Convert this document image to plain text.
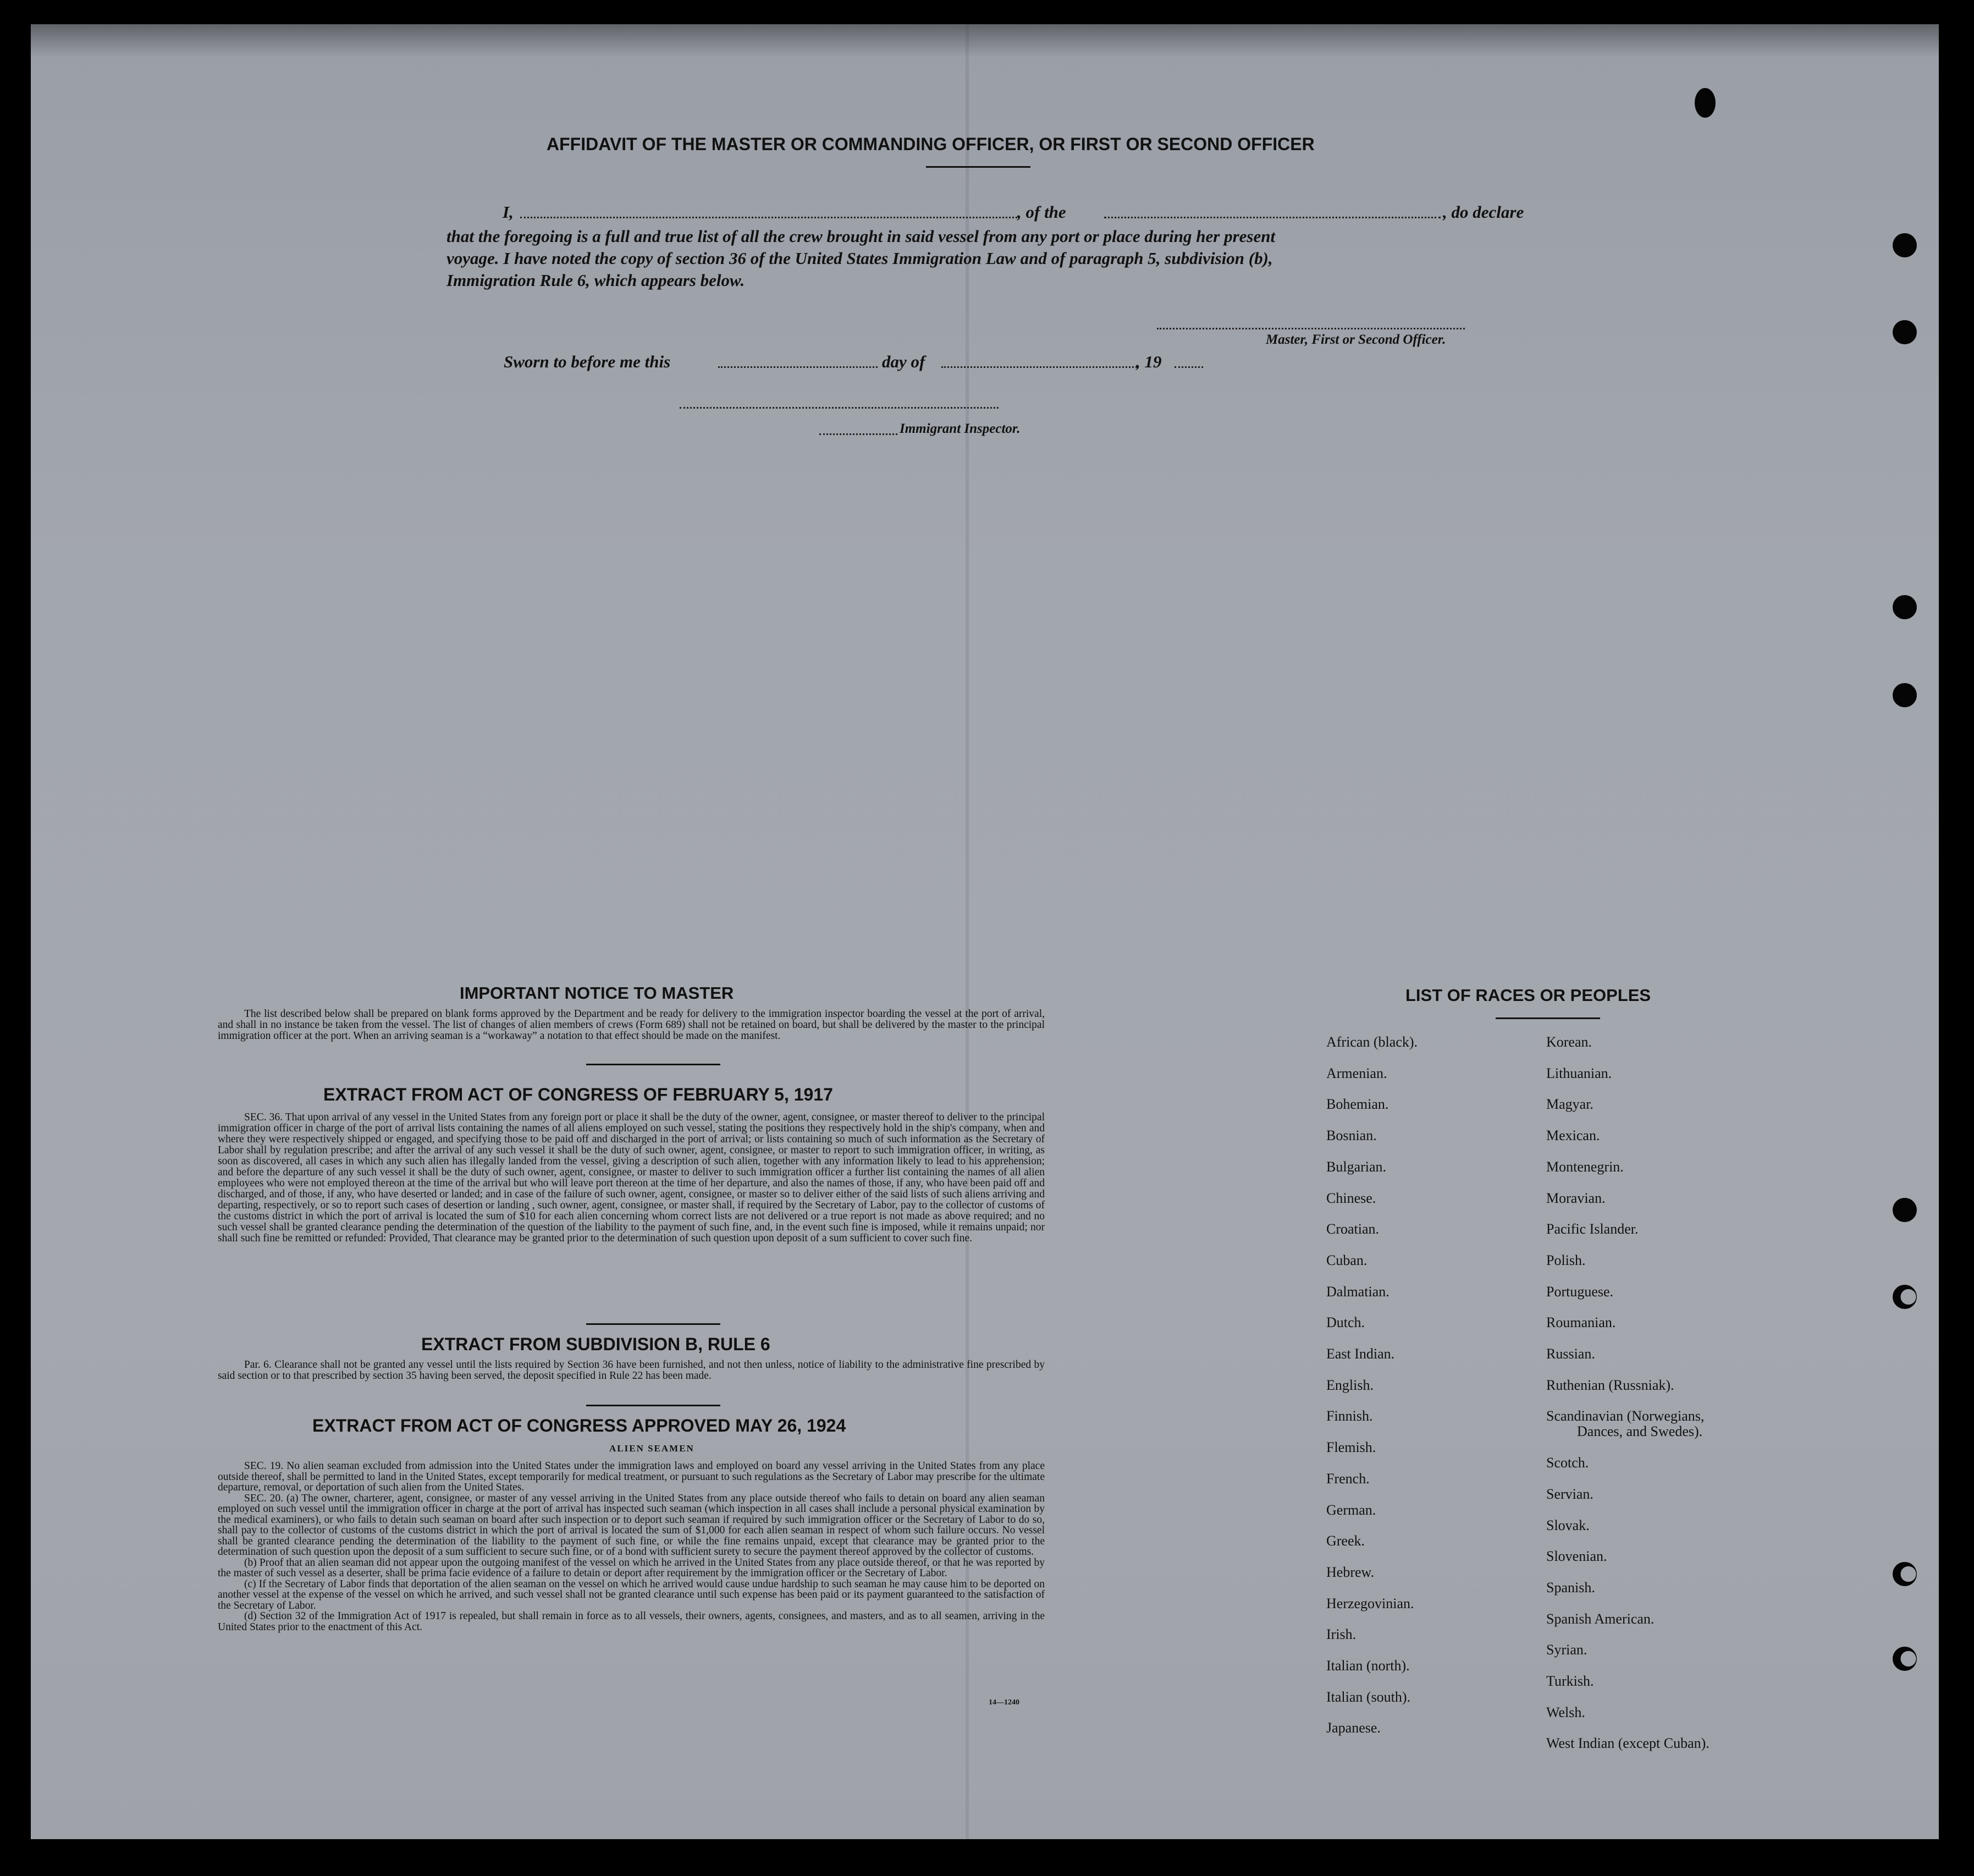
AFFIDAVIT OF THE MASTER OR COMMANDING OFFICER, OR FIRST OR SECOND OFFICER
I,	, of the	, do declare
that the foregoing is a full and true list of all the crew brought in said vessel from any port or place during her present
voyage. I have noted the copy of section 36 of the United States Immigration Law and of paragraph 5, subdivision (b),
Immigration Rule 6, which appears below.
Master, First or Second Officer.
Sworn to before me this	day of	, 19
Immigrant Inspector.
IMPORTANT NOTICE TO MASTER
The list described below shall be prepared on blank forms approved by the Department and be ready for delivery to the immigration inspector boarding the vessel at the port of arrival, and shall in no instance be taken from the vessel. The list of changes of alien members of crews (Form 689) shall not be retained on board, but shall be delivered by the master to the principal immigration officer at the port. When an arriving seaman is a “workaway” a notation to that effect should be made on the manifest.
EXTRACT FROM ACT OF CONGRESS OF FEBRUARY 5, 1917
SEC. 36. That upon arrival of any vessel in the United States from any foreign port or place it shall be the duty of the owner, agent, consignee, or master thereof to deliver to the principal immigration officer in charge of the port of arrival lists containing the names of all aliens employed on such vessel, stating the positions they respectively hold in the ship's company, when and where they were respectively shipped or engaged, and specifying those to be paid off and discharged in the port of arrival; or lists containing so much of such information as the Secretary of Labor shall by regulation prescribe; and after the arrival of any such vessel it shall be the duty of such owner, agent, consignee, or master to report to such immigration officer, in writing, as soon as discovered, all cases in which any such alien has illegally landed from the vessel, giving a description of such alien, together with any information likely to lead to his apprehension; and before the departure of any such vessel it shall be the duty of such owner, agent, consignee, or master to deliver to such immigration officer a further list containing the names of all alien employees who were not employed thereon at the time of the arrival but who will leave port thereon at the time of her departure, and also the names of those, if any, who have been paid off and discharged, and of those, if any, who have deserted or landed; and in case of the failure of such owner, agent, consignee, or master so to deliver either of the said lists of such aliens arriving and departing, respectively, or so to report such cases of desertion or landing , such owner, agent, consignee, or master shall, if required by the Secretary of Labor, pay to the collector of customs of the customs district in which the port of arrival is located the sum of $10 for each alien concerning whom correct lists are not delivered or a true report is not made as above required; and no such vessel shall be granted clearance pending the determination of the question of the liability to the payment of such fine, and, in the event such fine is imposed, while it remains unpaid; nor shall such fine be remitted or refunded: Provided, That clearance may be granted prior to the determination of such question upon deposit of a sum sufficient to cover such fine.
EXTRACT FROM SUBDIVISION B, RULE 6
Par. 6. Clearance shall not be granted any vessel until the lists required by Section 36 have been furnished, and not then unless, notice of liability to the administrative fine prescribed by said section or to that prescribed by section 35 having been served, the deposit specified in Rule 22 has been made.
EXTRACT FROM ACT OF CONGRESS APPROVED MAY 26, 1924
ALIEN SEAMEN

SEC. 19. No alien seaman excluded from admission into the United States under the immigration laws and employed on board any vessel arriving in the United States from any place outside thereof, shall be permitted to land in the United States, except temporarily for medical treatment, or pursuant to such regulations as the Secretary of Labor may prescribe for the ultimate departure, removal, or deportation of such alien from the United States.

SEC. 20. (a) The owner, charterer, agent, consignee, or master of any vessel arriving in the United States from any place outside thereof who fails to detain on board any alien seaman employed on such vessel until the immigration officer in charge at the port of arrival has inspected such seaman (which inspection in all cases shall include a personal physical examination by the medical examiners), or who fails to detain such seaman on board after such inspection or to deport such seaman if required by such immigration officer or the Secretary of Labor to do so, shall pay to the collector of customs of the customs district in which the port of arrival is located the sum of $1,000 for each alien seaman in respect of whom such failure occurs. No vessel shall be granted clearance pending the determination of the liability to the payment of such fine, or while the fine remains unpaid, except that clearance may be granted prior to the determination of such question upon the deposit of a sum sufficient to secure such fine, or of a bond with sufficient surety to secure the payment thereof approved by the collector of customs.

(b) Proof that an alien seaman did not appear upon the outgoing manifest of the vessel on which he arrived in the United States from any place outside thereof, or that he was reported by the master of such vessel as a deserter, shall be prima facie evidence of a failure to detain or deport after requirement by the immigration officer or the Secretary of Labor.

(c) If the Secretary of Labor finds that deportation of the alien seaman on the vessel on which he arrived would cause undue hardship to such seaman he may cause him to be deported on another vessel at the expense of the vessel on which he arrived, and such vessel shall not be granted clearance until such expense has been paid or its payment guaranteed to the satisfaction of the Secretary of Labor.

(d) Section 32 of the Immigration Act of 1917 is repealed, but shall remain in force as to all vessels, their owners, agents, consignees, and masters, and as to all seamen, arriving in the United States prior to the enactment of this Act.

14—1240
LIST OF RACES OR PEOPLES
African (black).
Armenian.
Bohemian.
Bosnian.
Bulgarian.
Chinese.
Croatian.
Cuban.
Dalmatian.
Dutch.
East Indian.
English.
Finnish.
Flemish.
French.
German.
Greek.
Hebrew.
Herzegovinian.
Irish.
Italian (north).
Italian (south).
Japanese.
Korean.
Lithuanian.
Magyar.
Mexican.
Montenegrin.
Moravian.
Pacific Islander.
Polish.
Portuguese.
Roumanian.
Russian.
Ruthenian (Russniak).
Scandinavian (Norwegians,
Dances, and Swedes).
Scotch.
Servian.
Slovak.
Slovenian.
Spanish.
Spanish American.
Syrian.
Turkish.
Welsh.
West Indian (except Cuban).
